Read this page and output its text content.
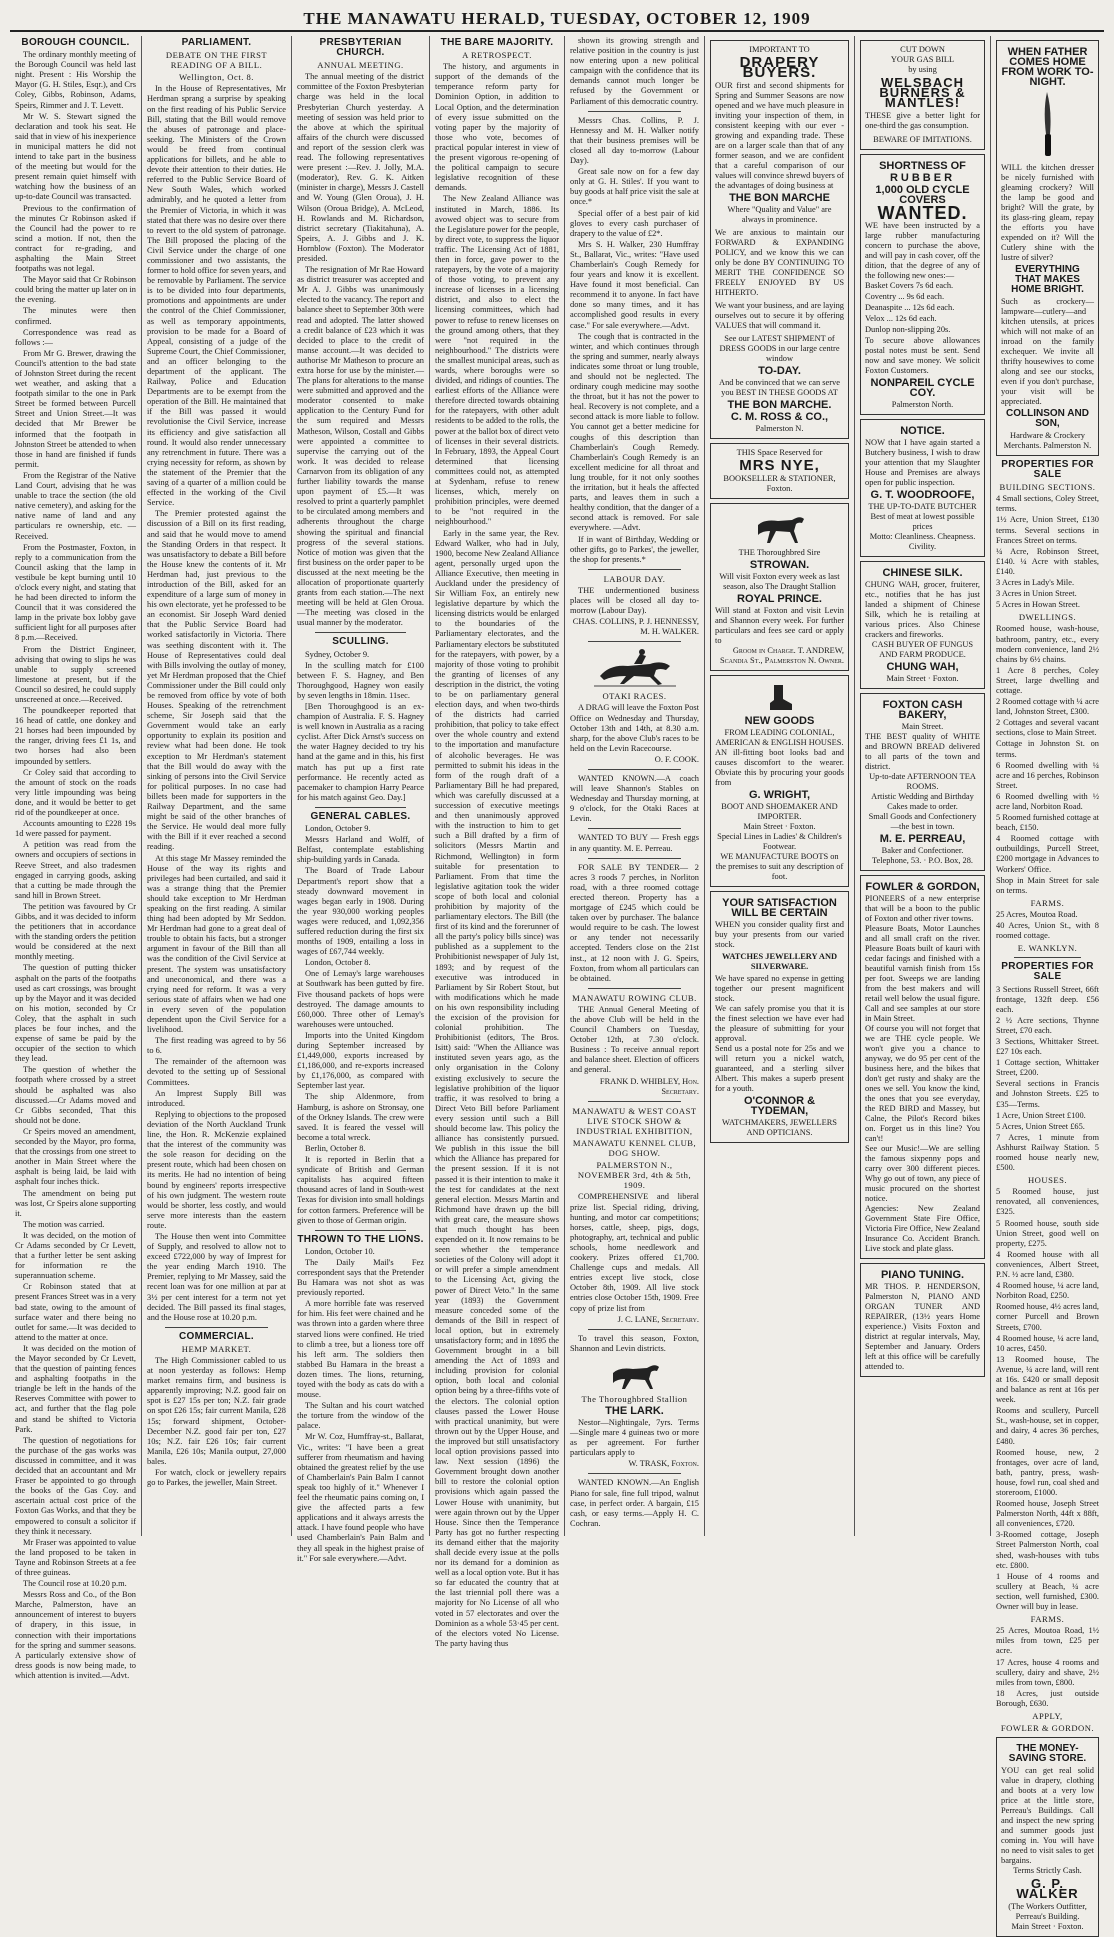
THE MANAWATU HERALD, TUESDAY, OCTOBER 12, 1909
BOROUGH COUNCIL.

The ordinary monthly meeting of the Borough Council was held last night. Present : His Worship the Mayor (G. H. Stiles, Esqr.), and Crs Coley, Gibbs, Robinson, Adams, Speirs, Rimmer and J. T. Levett.

Mr W. S. Stewart signed the declaration and took his seat. He said that in view of his inexperience in municipal matters he did not intend to take part in the business of the meeting but would for the present remain quiet himself with watching how the business of an up-to-date Council was transacted.

Previous to the confirmation of the minutes Cr Robinson asked if the Council had the power to re scind a motion. If not, then the contract for re-grading, and asphalting the Main Street footpaths was not legal.

The Mayor said that Cr Robinson could bring the matter up later on in the evening.

The minutes were then confirmed.

Correspondence was read as follows :—

From Mr G. Brewer, drawing the Council's attention to the bad state of Johnston Street during the recent wet weather, and asking that a footpath similar to the one in Park Street be formed between Purcell Street and Union Street.—It was decided that Mr Brewer be informed that the footpath in Johnston Street be attended to when those in hand are finished if funds permit.

From the Registrar of the Native Land Court, advising that he was unable to trace the section (the old native cemetery), and asking for the native name of land and any particulars re ownership, etc. —Received.

From the Postmaster, Foxton, in reply to a communication from the Council asking that the lamp in vestibule be kept burning until 10 o'clock every night, and stating that he had been directed to inform the Council that it was considered the lamp in the private box lobby gave sufficient light for all purposes after 8 p.m.—Received.

From the District Engineer, advising that owing to slips he was unable to supply screened limestone at present, but if the Council so desired, he could supply unscreened at once.—Received.

The poundkeeper reported that 16 head of cattle, one donkey and 21 horses had been impounded by the ranger, driving fees £1 1s, and two horses had also been impounded by settlers.

Cr Coley said that according to the amount of stock on the roads very little impounding was being done, and it would be better to get rid of the poundkeeper at once.

Accounts amounting to £228 19s 1d were passed for payment.

A petition was read from the owners and occupiers of sections in Reeve Street, and also tradesmen engaged in carrying goods, asking that a cutting be made through the sand hill in Brown Street.

The petition was favoured by Cr Gibbs, and it was decided to inform the petitioners that in accordance with the standing orders the petition would be considered at the next monthly meeting.

The question of putting thicker asphalt on the parts of the footpaths used as cart crossings, was brought up by the Mayor and it was decided on his motion, seconded by Cr Coley, that the asphalt in such places be four inches, and the expense of same be paid by the occupier of the section to which they lead.

The question of whether the footpath where crossed by a street should be asphalted was also discussed.—Cr Adams moved and Cr Gibbs seconded, That this should not be done.

Cr Speirs moved an amendment, seconded by the Mayor, pro forma, that the crossings from one street to another in Main Street where the asphalt is being laid, be laid with asphalt four inches thick.

The amendment on being put was lost, Cr Speirs alone supporting it.

The motion was carried.

It was decided, on the motion of Cr Adams seconded by Cr Levett, that a further letter be sent asking for information re the superannuation scheme.

Cr Robinson stated that at present Frances Street was in a very bad state, owing to the amount of surface water and there being no outlet for same.—It was decided to attend to the matter at once.

It was decided on the motion of the Mayor seconded by Cr Levett, that the question of painting fences and asphalting footpaths in the triangle be left in the hands of the Reserves Committee with power to act, and further that the flag pole and stand be shifted to Victoria Park.

The question of negotiations for the purchase of the gas works was discussed in committee, and it was decided that an accountant and Mr Fraser be appointed to go through the books of the Gas Coy. and ascertain actual cost price of the Foxton Gas Works, and that they be empowered to consult a solicitor if they think it necessary.

Mr Fraser was appointed to value the land proposed to be taken in Tayne and Robinson Streets at a fee of three guineas.

The Council rose at 10.20 p.m.

Messrs Ross and Co., of the Bon Marche, Palmerston, have an announcement of interest to buyers of drapery, in this issue, in connection with their importations for the spring and summer seasons. A particularly extensive show of dress goods is now being made, to which attention is invited.—Advt.

PARLIAMENT.
DEBATE ON THE FIRST READING OF A BILL.
Wellington, Oct. 8.

In the House of Representatives, Mr Herdman sprang a surprise by speaking on the first reading of his Public Service Bill, stating that the Bill would remove the abuses of patronage and place-seeking. The Ministers of the Crown would be freed from continual applications for billets, and he able to devote their attention to their duties. He referred to the Public Service Board of New South Wales, which worked admirably, and he quoted a letter from the Premier of Victoria, in which it was stated that there was no desire over there to revert to the old system of patronage. The Bill proposed the placing of the Civil Service under the charge of one commissioner and two assistants, the former to hold office for seven years, and be removable by Parliament. The service is to be divided into four departments, promotions and appointments are under the control of the Chief Commissioner, as well as temporary appointments, provision to be made for a Board of Appeal, consisting of a judge of the Supreme Court, the Chief Commissioner, and an officer belonging to the department of the applicant. The Railway, Police and Education Departments are to be exempt from the operation of the Bill. He maintained that if the Bill was passed it would revolutionise the Civil Service, increase its efficiency and give satisfaction all round. It would also render unnecessary any retrenchment in future. There was a crying necessity for reform, as shown by the statement of the Premier that the saving of a quarter of a million could be effected in the working of the Civil Service.

The Premier protested against the discussion of a Bill on its first reading, and said that he would move to amend the Standing Orders in that respect. It was unsatisfactory to debate a Bill before the House knew the contents of it. Mr Herdman had, just previous to the introduction of the Bill, asked for an expenditure of a large sum of money in his own electorate, yet he professed to be an economist. Sir Joseph Ward denied that the Public Service Board had worked satisfactorily in Victoria. There was seething discontent with it. The House of Representatives could deal with Bills involving the outlay of money, yet Mr Herdman proposed that the Chief Commissioner under the Bill could only be removed from office by vote of both Houses. Speaking of the retrenchment scheme, Sir Joseph said that the Government would take an early opportunity to explain its position and review what had been done. He took exception to Mr Herdman's statement that the Bill would do away with the sinking of persons into the Civil Service for political purposes. In no case had billets been made for supporters in the Railway Department, and the same might be said of the other branches of the Service. He would deal more fully with the Bill if it ever reached a second reading.

At this stage Mr Massey reminded the House of the way its rights and privileges had been curtailed, and said it was a strange thing that the Premier should take exception to Mr Herdman speaking on the first reading. A similar thing had been adopted by Mr Seddon. Mr Herdman had gone to a great deal of trouble to obtain his facts, but a stronger argument in favour of the Bill than all was the condition of the Civil Service at present. The system was unsatisfactory and uneconomical, and there was a crying need for reform. It was a very serious state of affairs when we had one in every seven of the population dependent upon the Civil Service for a livelihood.

The first reading was agreed to by 56 to 6.

The remainder of the afternoon was devoted to the setting up of Sessional Committees.

An Imprest Supply Bill was introduced.

Replying to objections to the proposed deviation of the North Auckland Trunk line, the Hon. R. McKenzie explained that the interest of the community was the sole reason for deciding on the present route, which had been chosen on its merits. He had no intention of being bound by engineers' reports irrespective of his own judgment. The western route would be shorter, less costly, and would serve more interests than the eastern route.

The House then went into Committee of Supply, and resolved to allow not to exceed £722,000 by way of Imprest for the year ending March 1910. The Premier, replying to Mr Massey, said the recent loan was for one million at par at 3½ per cent interest for a term not yet decided. The Bill passed its final stages, and the House rose at 10.20 p.m.

COMMERCIAL.
HEMP MARKET.

The High Commissioner cabled to us at noon yesterday as follows: Hemp market remains firm, and business is apparently improving; N.Z. good fair on spot is £27 15s per ton; N.Z. fair grade on spot £26 15s; fair current Manila, £28 15s; forward shipment, October-December N.Z. good fair per ton, £27 10s; N.Z. fair £26 10s; fair current Manila, £26 10s; Manila output, 27,000 bales.

For watch, clock or jewellery repairs go to Parkes, the jeweller, Main Street.

PRESBYTERIAN CHURCH.
ANNUAL MEETING.

The annual meeting of the district committee of the Foxton Presbyterian charge was held in the local Presbyterian Church yesterday. A meeting of session was held prior to the above at which the spiritual affairs of the church were discussed and report of the session clerk was read. The following representatives were present :—Rev. J. Jolly, M.A. (moderator), Rev. G. K. Aitken (minister in charge), Messrs J. Castell and W. Young (Glen Oroua), J. H. Wilson (Oroua Bridge), A. McLeod, H. Rowlands and M. Richardson, district secretary (Tiakitahuna), A. Speirs, A. J. Gibbs and J. K. Hornblow (Foxton). The Moderator presided.

The resignation of Mr Rae Howard as district treasurer was accepted and Mr A. J. Gibbs was unanimously elected to the vacancy. The report and balance sheet to September 30th were read and adopted. The latter showed a credit balance of £23 which it was decided to place to the credit of manse account.—It was decided to authorise Mr Matheson to procure an extra horse for use by the minister.—The plans for alterations to the manse were submitted and approved and the moderator consented to make application to the Century Fund for the sum required and Messrs Matheson, Wilson, Costall and Gibbs were appointed a committee to supervise the carrying out of the work. It was decided to release Carnarvon from its obligation of any further liability towards the manse upon payment of £5.—It was resolved to print a quarterly pamphlet to be circulated among members and adherents throughout the charge showing the spiritual and financial progress of the several stations. Notice of motion was given that the first business on the order paper to be discussed at the next meeting be the allocation of proportionate quarterly grants from each station.—The next meeting will be held at Glen Oroua.—The meeting was closed in the usual manner by the moderator.

SCULLING.

Sydney, October 9.

In the sculling match for £100 between F. S. Hagney, and Ben Thoroughgood, Hagney won easily by seven lengths in 18min. 11sec.

[Ben Thoroughgood is an ex-champion of Australia. F. S. Hagney is well known in Australia as a racing cyclist. After Dick Arnst's success on the water Hagney decided to try his hand at the game and in this, his first match has put up a first rate performance. He recently acted as pacemaker to champion Harry Pearce for his match against Geo. Day.]

GENERAL CABLES.

London, October 9.

Messrs Harland and Wolff, of Belfast, contemplate establishing ship-building yards in Canada.

The Board of Trade Labour Department's report show that a steady downward movement in wages began early in 1908. During the year 930,000 working peoples wages were reduced, and 1,092,356 suffered reduction during the first six months of 1909, entailing a loss in wages of £67,744 weekly.

London, October 8.

One of Lemay's large warehouses at Southwark has been gutted by fire. Five thousand packets of hops were destroyed. The damage amounts to £60,000. Three other of Lemay's warehouses were untouched.

Imports into the United Kingdom during September increased by £1,449,000, exports increased by £1,186,000, and re-exports increased by £1,176,000, as compared with September last year.

The ship Aldenmore, from Hamburg, is ashore on Stronsay, one of the Orkney Islands. The crew were saved. It is feared the vessel will become a total wreck.

Berlin, October 8.

It is reported in Berlin that a syndicate of British and German capitalists has acquired fifteen thousand acres of land in South-west Texas for division into small holdings for cotton farmers. Preference will be given to those of German origin.

THROWN TO THE LIONS.

London, October 10.

The Daily Mail's Fez correspondent says that the Pretender Bu Hamara was not shot as was previously reported.

A more horrible fate was reserved for him. His feet were chained and he was thrown into a garden where three starved lions were confined. He tried to climb a tree, but a lioness tore off his left arm. The soldiers then stabbed Bu Hamara in the breast a dozen times. The lions, returning, toyed with the body as cats do with a mouse.

The Sultan and his court watched the torture from the window of the palace.

Mr W. Coz, Humffray-st., Ballarat, Vic., writes: "I have been a great sufferer from rheumatism and having obtained the greatest relief by the use of Chamberlain's Pain Balm I cannot speak too highly of it." Whenever I feel the rheumatic pains coming on, I give the affected parts a few applications and it always arrests the attack. I have found people who have used Chamberlain's Pain Balm and they all speak in the highest praise of it." For sale everywhere.—Advt.

THE BARE MAJORITY.
A RETROSPECT.

The history, and arguments in support of the demands of the temperance reform party for Dominion Option, in addition to Local Option, and the determination of every issue submitted on the voting paper by the majority of those who vote, becomes of practical popular interest in view of the present vigorous re-opening of the political campaign to secure legislative recognition of these demands.

The New Zealand Alliance was instituted in March, 1886. Its avowed object was to secure from the Legislature power for the people, by direct vote, to suppress the liquor traffic. The Licensing Act of 1881, then in force, gave power to the ratepayers, by the vote of a majority of those voting, to prevent any increase of licenses in a licensing district, and also to elect the licensing committees, which had power to refuse to renew licenses on the ground among others, that they were "not required in the neighbourhood." The districts were the smallest municipal areas, such as wards, where boroughs were so divided, and ridings of counties. The earliest efforts of the Alliance were therefore directed towards obtaining for the ratepayers, with other adult residents to be added to the rolls, the power at the ballot box of direct veto of licenses in their several districts. In February, 1893, the Appeal Court determined that licensing committees could not, as attempted at Sydenham, refuse to renew licenses, which, merely on prohibition principles, were deemed to be "not required in the neighbourhood."

Early in the same year, the Rev. Edward Walker, who had in July, 1900, become New Zealand Alliance agent, personally urged upon the Alliance Executive, then meeting in Auckland under the presidency of Sir William Fox, an entirely new legislative departure by which the licensing districts would be enlarged to the boundaries of the Parliamentary electorates, and the Parliamentary electors be substituted for the ratepayers, with power, by a majority of those voting to prohibit the granting of licenses of any description in the district, the voting to be on parliamentary general election days, and when two-thirds of the districts had carried prohibition, that policy to take effect over the whole country and extend to the importation and manufacture of alcoholic beverages. He was permitted to submit his ideas in the form of the rough draft of a Parliamentary Bill he had prepared, which was carefully discussed at a succession of executive meetings and then unanimously approved with the instruction to him to get such a Bill drafted by a firm of solicitors (Messrs Martin and Richmond, Wellington) in form suitable for presentation to Parliament. From that time the legislative agitation took the wider scope of both local and colonial prohibition by majority of the parliamentary electors. The Bill (the first of its kind and the forerunner of all the party's policy bills since) was published as a supplement to the Prohibitionist newspaper of July 1st, 1893; and by request of the executive was introduced in Parliament by Sir Robert Stout, but with modifications which he made on his own responsibility including the excision of the provision for colonial prohibition. The Prohibitionist (editors, The Bros. Isitt) said: "When the Alliance was instituted seven years ago, as the only organisation in the Colony existing exclusively to secure the legislative prohibition of the liquor traffic, it was resolved to bring a Direct Veto Bill before Parliament every session until such a Bill should become law. This policy the alliance has consistently pursued. We publish in this issue the bill which the Alliance has prepared for the present session. If it is not passed it is their intention to make it the test for candidates at the next general election. Messrs Martin and Richmond have drawn up the bill with great care, the measure shows that much thought has been expended on it. It now remains to be seen whether the temperance societies of the Colony will adopt it or will prefer a simple amendment to the Licensing Act, giving the power of Direct Veto." In the same year (1893) the Government measure conceded some of the demands of the Bill in respect of local option, but in extremely unsatisfactory form; and in 1895 the Government brought in a bill amending the Act of 1893 and including provision for colonial option, both local and colonial option being by a three-fifths vote of the electors. The colonial option clauses passed the Lower House with practical unanimity, but were thrown out by the Upper House, and the improved but still unsatisfactory local option provisions passed into law. Next session (1896) the Government brought down another bill to restore the colonial option provisions which again passed the Lower House with unanimity, but were again thrown out by the Upper House. Since then the Temperance Party has got no further respecting its demand either that the majority shall decide every issue at the polls nor its demand for a dominion as well as a local option vote. But it has so far educated the country that at the last triennial poll there was a majority for No License of all who voted in 57 electorates and over the Dominion as a whole 53·45 per cent. of the electors voted No License. The party having thus

shown its growing strength and relative position in the country is just now entering upon a new political campaign with the confidence that its demands cannot much longer be refused by the Government or Parliament of this democratic country.

Messrs Chas. Collins, P. J. Hennessy and M. H. Walker notify that their business premises will be closed all day to-morrow (Labour Day).

Great sale now on for a few day only at G. H. Stiles'. If you want to buy goods at half price visit the sale at once.*

Special offer of a best pair of kid gloves to every cash purchaser of drapery to the value of £2*.

Mrs S. H. Walker, 230 Humffray St., Ballarat, Vic., writes: "Have used Chamberlain's Cough Remedy for four years and know it is excellent. Have found it most beneficial. Can recommend it to anyone. In fact have done so many times, and it has accomplished good results in every case." For sale everywhere.—Advt.

The cough that is contracted in the winter, and which continues through the spring and summer, nearly always indicates some throat or lung trouble, and should not be neglected. The ordinary cough medicine may soothe the throat, but it has not the power to heal. Recovery is not complete, and a second attack is more liable to follow. You cannot get a better medicine for coughs of this description than Chamberlain's Cough Remedy. Chamberlain's Cough Remedy is an excellent medicine for all throat and lung trouble, for it not only soothes the irritation, but it heals the affected parts, and leaves them in such a healthy condition, that the danger of a second attack is removed. For sale everywhere. —Advt.

If in want of Birthday, Wedding or other gifts, go to Parkes', the jeweller, the shop for presents.*

LABOUR DAY.

THE undermentioned business places will be closed all day to-morrow (Labour Day).

CHAS. COLLINS, P. J. HENNESSY, M. H. WALKER.
OTAKI RACES.

A DRAG will leave the Foxton Post Office on Wednesday and Thursday, October 13th and 14th, at 8.30 a.m. sharp, for the above Club's races to be held on the Levin Racecourse.

O. F. COOK.

WANTED KNOWN.—A coach will leave Shannon's Stables on Wednesday and Thursday morning, at 9 o'clock, for the Otaki Races at Levin.

WANTED TO BUY — Fresh eggs in any quantity. M. E. Perreau.

FOR SALE BY TENDER— 2 acres 3 roods 7 perches, in Norliton road, with a three roomed cottage erected thereon. Property has a mortgage of £245 which could be taken over by purchaser. The balance would require to be cash. The lowest or any tender not necessarily accepted. Tenders close on the 21st inst., at 12 noon with J. G. Speirs, Foxton, from whom all particulars can be obtained.

MANAWATU ROWING CLUB.

THE Annual General Meeting of the above Club will be held in the Council Chambers on Tuesday, October 12th, at 7.30 o'clock. Business : To receive annual report and balance sheet. Election of officers and general.

FRANK D. WHIBLEY, Hon. Secretary.
MANAWATU & WEST COAST LIVE STOCK SHOW & INDUSTRIAL EXHIBITION,
MANAWATU KENNEL CLUB, DOG SHOW.
PALMERSTON N., NOVEMBER 3rd, 4th & 5th, 1909.

COMPREHENSIVE and liberal prize list. Special riding, driving, hunting, and motor car competitions; horses, cattle, sheep, pigs, dogs, photography, art, technical and public schools, home needlework and cookery. Prizes offered £1,700. Challenge cups and medals. All entries except live stock, close October 8th, 1909. All live stock entries close October 15th, 1909. Free copy of prize list from

J. C. LANE, Secretary.

To travel this season, Foxton, Shannon and Levin districts.

The Thoroughbred Stallion
THE LARK.

Nestor—Nightingale, 7yrs. Terms—Single mare 4 guineas two or more as per agreement. For further particulars apply to

W. TRASK, Foxton.

WANTED KNOWN.—An English Piano for sale, fine full tripod, walnut case, in perfect order. A bargain, £15 cash, or easy terms.—Apply H. C. Cochran.

IMPORTANT TO
DRAPERY BUYERS.
OUR first and second shipments for Spring and Summer Seasons are now opened and we have much pleasure in inviting your inspection of them, in consistent keeping with our ever - growing and expanding trade. These are on a larger scale than that of any former season, and we are confident that a careful comparison of our values will convince shrewd buyers of the advantages of doing business at
THE BON MARCHE
Where "Quality and Value" are always in prominence.
We are anxious to maintain our FORWARD & EXPANDING POLICY, and we know this we can only be done BY CONTINUING TO MERIT THE CONFIDENCE SO FREELY ENJOYED BY US HITHERTO.
We want your business, and are laying ourselves out to secure it by offering VALUES that will command it.
See our LATEST SHIPMENT of DRESS GOODS in our large centre window
TO-DAY.
And be convinced that we can serve you BEST IN THESE GOODS AT
THE BON MARCHE.
C. M. ROSS & CO.,
Palmerston N.
THIS Space Reserved for
MRS NYE,
BOOKSELLER & STATIONER,
Foxton.
THE Thoroughbred Sire
STROWAN.
Will visit Foxton every week as last season, also The Draught Stallion
ROYAL PRINCE.
Will stand at Foxton and visit Levin and Shannon every week. For further particulars and fees see card or apply to
Groom in Charge. T. ANDREW, Scandia St., Palmerston N. Owner.
NEW GOODS
FROM LEADING COLONIAL, AMERICAN & ENGLISH HOUSES.
AN ill-fitting boot looks bad and causes discomfort to the wearer. Obviate this by procuring your goods from
G. WRIGHT,
BOOT AND SHOEMAKER AND IMPORTER.
Main Street · Foxton.
Special Lines in Ladies' & Children's Footwear.
WE MANUFACTURE BOOTS on the premises to suit any description of foot.
YOUR SATISFACTION WILL BE CERTAIN
WHEN you consider quality first and buy your presents from our varied stock.
WATCHES JEWELLERY AND SILVERWARE.
We have spared no expense in getting together our present magnificent stock.
We can safely promise you that it is the finest selection we have ever had the pleasure of submitting for your approval.
Send us a postal note for 25s and we will return you a nickel watch, guaranteed, and a sterling silver Albert. This makes a superb present for a youth.
O'CONNOR & TYDEMAN,
WATCHMAKERS, JEWELLERS AND OPTICIANS.
CUT DOWN
YOUR GAS BILL
by using
WELSBACH BURNERS & MANTLES!
THESE give a better light for one-third the gas consumption.
BEWARE OF IMITATIONS.
SHORTNESS OF
RUBBER
1,000 OLD CYCLE COVERS
WANTED.
WE have been instructed by a large rubber manufacturing concern to purchase the above, and will pay in cash cover, off the dition, that the degree of any of the following new ones:—
Basket Covers 7s 6d each.
Coventry ... 9s 6d each.
Deanaspite ... 12s 6d each.
Velox ... 12s 6d each.
Dunlop non-slipping 20s.
To secure above allowances postal notes must be sent. Send now and save money. We solicit Foxton Customers.
NONPAREIL CYCLE COY.
Palmerston North.
NOTICE.
NOW that I have again started a Butchery business, I wish to draw your attention that my Slaughter House and Premises are always open for public inspection.
G. T. WOODROOFE,
THE UP-TO-DATE BUTCHER
Best of meat at lowest possible prices
Motto: Cleanliness. Cheapness. Civility.
CHINESE SILK.
CHUNG WAH, grocer, fruiterer, etc., notifies that he has just landed a shipment of Chinese Silk, which he is retailing at various prices. Also Chinese crackers and fireworks.
CASH BUYER OF FUNGUS AND FARM PRODUCE.
CHUNG WAH,
Main Street · Foxton.
FOXTON CASH BAKERY,
Main Street.
THE BEST quality of WHITE and BROWN BREAD delivered to all parts of the town and district.
Up-to-date AFTERNOON TEA ROOMS.
Artistic Wedding and Birthday Cakes made to order.
Small Goods and Confectionery—the best in town.
M. E. PERREAU,
Baker and Confectioner.
Telephone, 53. · P.O. Box, 28.
FOWLER & GORDON,
PIONEERS of a new enterprise that will be a boon to the public of Foxton and other river towns.
Pleasure Boats, Motor Launches and all small craft on the river. Pleasure Boats built of kauri with cedar facings and finished with a beautiful varnish finish from 15s per foot. Sweeps we are landing from the best makers and will retail well below the usual figure. Call and see samples at our store in Main Street.
Of course you will not forget that we are THE cycle people. We won't give you a chance to anyway, we do 95 per cent of the business here, and the bikes that don't get rusty and shaky are the ones we sell. You know the kind, the ones that you see everyday, the RED BIRD and Massey, but Calne, the Pilot's Record bikes on. Forget us in this line? You can't!
See our Music!—We are selling the famous sixpenny pops and carry over 300 different pieces. Why go out of town, any piece of music procured on the shortest notice.
Agencies: New Zealand Government State Fire Office, Victoria Fire Office, New Zealand Insurance Co. Accident Branch. Live stock and plate glass.
PIANO TUNING.
MR THOS. P. HENDERSON, Palmerston N, PIANO AND ORGAN TUNER AND REPAIRER, (13½ years Home experience.) Visits Foxton and district at regular intervals, May, September and January. Orders left at this office will be carefully attended to.
WHEN FATHER COMES HOME FROM WORK TO-NIGHT.
WILL the kitchen dresser be nicely furnished with gleaming crockery? Will the lamp be good and bright? Will the grate, by its glass-ring gleam, repay the efforts you have expended on it? Will the Cutlery shine with the lustre of silver?
EVERYTHING THAT MAKES HOME BRIGHT.
Such as crockery—lampware—cutlery—and kitchen utensils, at prices which will not make of an inroad on the family exchequer. We invite all thrifty housewives to come along and see our stocks, even if you don't purchase, your visit will be appreciated.
COLLINSON AND SON,
Hardware & Crockery Merchants. Palmerston N.
PROPERTIES FOR SALE
BUILDING SECTIONS.
4 Small sections, Coley Street, terms.
1½ Acre, Union Street, £130 terms. Several sections in Frances Street on terms.
¼ Acre, Robinson Street, £140. ¼ Acre with stables, £140.
3 Acres in Lady's Mile.
3 Acres in Union Street.
5 Acres in Howan Street.
DWELLINGS.
Roomed house, wash-house, bathroom, pantry, etc., every modern convenience, land 2½ chains by 6½ chains.
1 Acre 8 perches, Coley Street, large dwelling and cottage.
2 Roomed cottage with ¼ acre land, Johnston Street, £300.
2 Cottages and several vacant sections, close to Main Street.
Cottage in Johnston St. on terms.
6 Roomed dwelling with ¼ acre and 16 perches, Robinson Street.
6 Roomed dwelling with ½ acre land, Norbiton Road.
5 Roomed furnished cottage at beach, £150.
4 Roomed cottage with outbuildings, Purcell Street, £200 mortgage in Advances to Workers' Office.
Shop in Main Street for sale on terms.
FARMS.
25 Acres, Moutoa Road.
40 Acres, Union St., with 8 roomed cottage.
E. WANKLYN.
PROPERTIES FOR SALE
3 Sections Russell Street, 66ft frontage, 132ft deep. £56 each.
2 ½ Acre sections, Thynne Street, £70 each.
3 Sections, Whittaker Street. £27 10s each.
1 Cottage section, Whittaker Street, £200.
Several sections in Francis and Johnston Streets. £25 to £35—Terms.
1 Acre, Union Street £100.
5 Acres, Union Street £65.
7 Acres, 1 minute from Ashhurst Railway Station. 5 roomed house nearly new, £500.
HOUSES.
5 Roomed house, just renovated, all conveniences, £325.
5 Roomed house, south side Union Street, good well on property, £275.
4 Roomed house with all conveniences, Albert Street, P.N. ½ acre land, £380.
4 Roomed house, ¼ acre land, Norbiton Road, £250.
Roomed house, 4½ acres land, corner Purcell and Brown Streets, £700.
4 Roomed house, ¼ acre land, 10 acres, £450.
13 Roomed house, The Avenue, ¼ acre land, will rent at 16s. £420 or small deposit and balance as rent at 16s per week.
Rooms and scullery, Purcell St., wash-house, set in copper, and dairy, 4 acres 36 perches, £480.
Roomed house, new, 2 frontages, over acre of land, bath, pantry, press, wash-house, fowl run, coal shed and storeroom, £1000.
Roomed house, Joseph Street Palmerston North, 44ft x 88ft, all conveniences, £720.
3-Roomed cottage, Joseph Street Palmerston North, coal shed, wash-houses with tubs etc. £800.
1 House of 4 rooms and scullery at Beach, ¼ acre section, well furnished, £300. Owner will buy in lease.
FARMS.
25 Acres, Moutoa Road, 1½ miles from town, £25 per acre.
17 Acres, house 4 rooms and scullery, dairy and shave, 2½ miles from town, £800.
18 Acres, just outside Borough, £630.
APPLY,
FOWLER & GORDON.
THE MONEY-SAVING STORE.
YOU can get real solid value in drapery, clothing and boots at a very low price at the little store, Perreau's Buildings. Call and inspect the new spring and summer goods just coming in. You will have no need to visit sales to get bargains.
Terms Strictly Cash.
G. P. WALKER
(The Workers Outfitter, Perreau's Building.
Main Street · Foxton.
